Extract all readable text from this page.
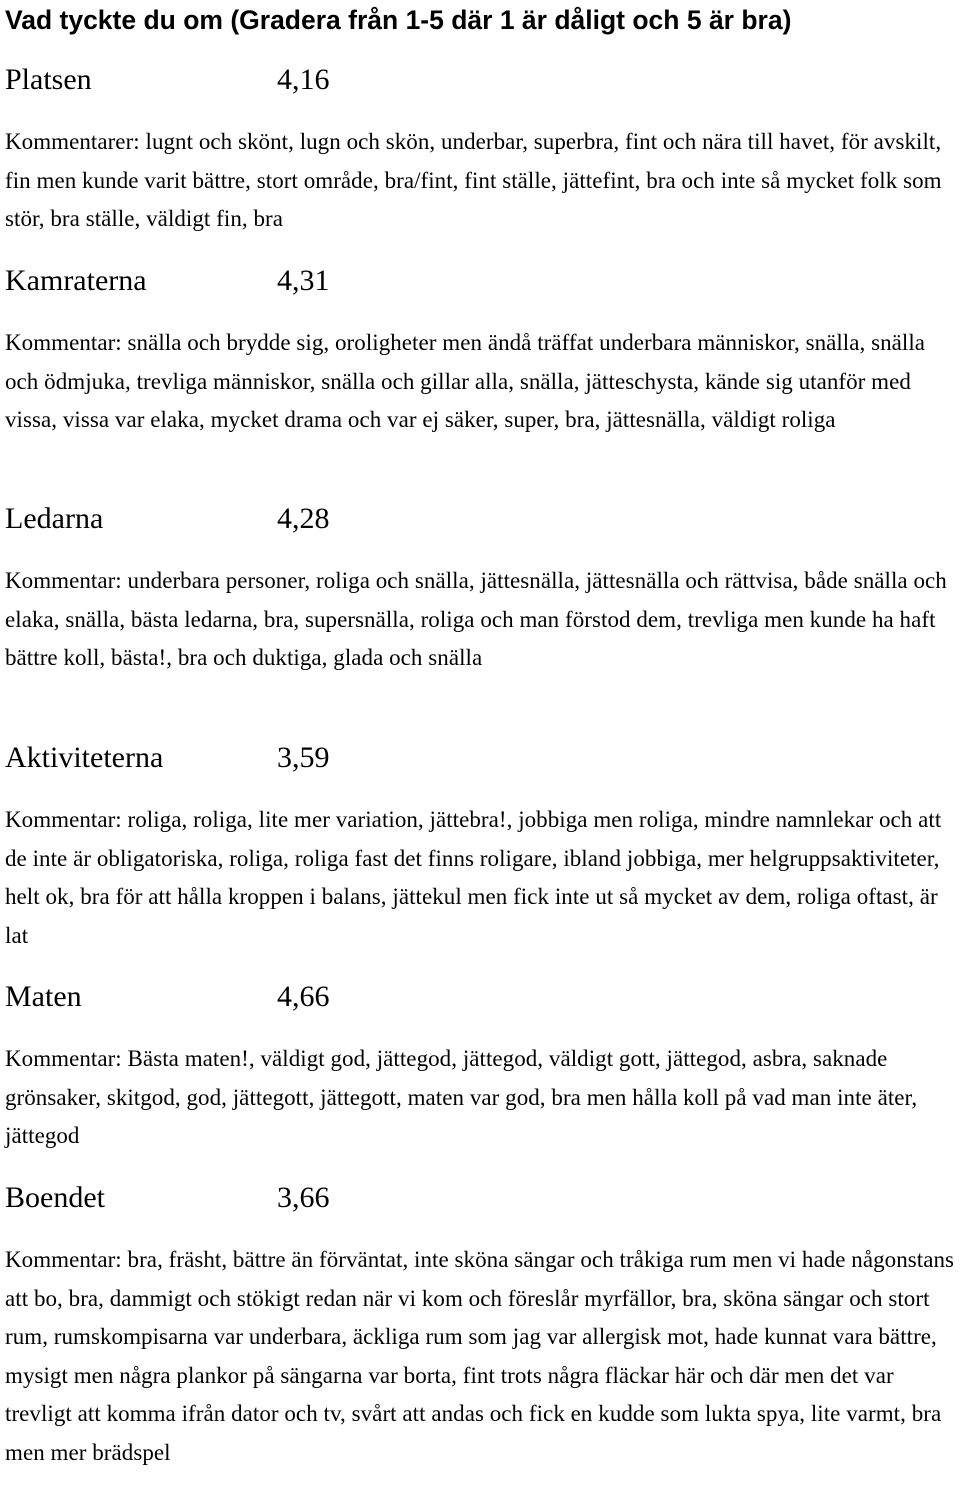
Vad tyckte du om (Gradera från 1-5 där 1 är dåligt och 5 är bra)
Platsen	4,16

Kommentarer: lugnt och skönt, lugn och skön, underbar, superbra, fint och nära till havet, för avskilt, fin men kunde varit bättre, stort område, bra/fint, fint ställe, jättefint, bra och inte så mycket folk som stör, bra ställe, väldigt fin, bra

Kamraterna	4,31

Kommentar: snälla och brydde sig, oroligheter men ändå träffat underbara människor, snälla, snälla och ödmjuka, trevliga människor, snälla och gillar alla, snälla, jätteschysta, kände sig utanför med vissa, vissa var elaka, mycket drama och var ej säker, super, bra, jättesnälla, väldigt roliga

Ledarna	4,28

Kommentar: underbara personer, roliga och snälla, jättesnälla, jättesnälla och rättvisa, både snälla och elaka, snälla, bästa ledarna, bra, supersnälla, roliga och man förstod dem, trevliga men kunde ha haft bättre koll, bästa!, bra och duktiga, glada och snälla

Aktiviteterna	3,59

Kommentar: roliga, roliga, lite mer variation, jättebra!, jobbiga men roliga, mindre namnlekar och att de inte är obligatoriska, roliga, roliga fast det finns roligare, ibland jobbiga, mer helgruppsaktiviteter, helt ok, bra för att hålla kroppen i balans, jättekul men fick inte ut så mycket av dem, roliga oftast, är lat

Maten	4,66

Kommentar: Bästa maten!, väldigt god, jättegod, jättegod, väldigt gott, jättegod, asbra, saknade grönsaker, skitgod, god, jättegott, jättegott, maten var god, bra men hålla koll på vad man inte äter, jättegod

Boendet	3,66

Kommentar: bra, fräsht, bättre än förväntat, inte sköna sängar och tråkiga rum men vi hade någonstans att bo, bra, dammigt och stökigt redan när vi kom och föreslår myrfällor, bra, sköna sängar och stort rum, rumskompisarna var underbara, äckliga rum som jag var allergisk mot, hade kunnat vara bättre, mysigt men några plankor på sängarna var borta, fint trots några fläckar här och där men det var trevligt att komma ifrån dator och tv, svårt att andas och fick en kudde som lukta spya, lite varmt, bra men mer brädspel
